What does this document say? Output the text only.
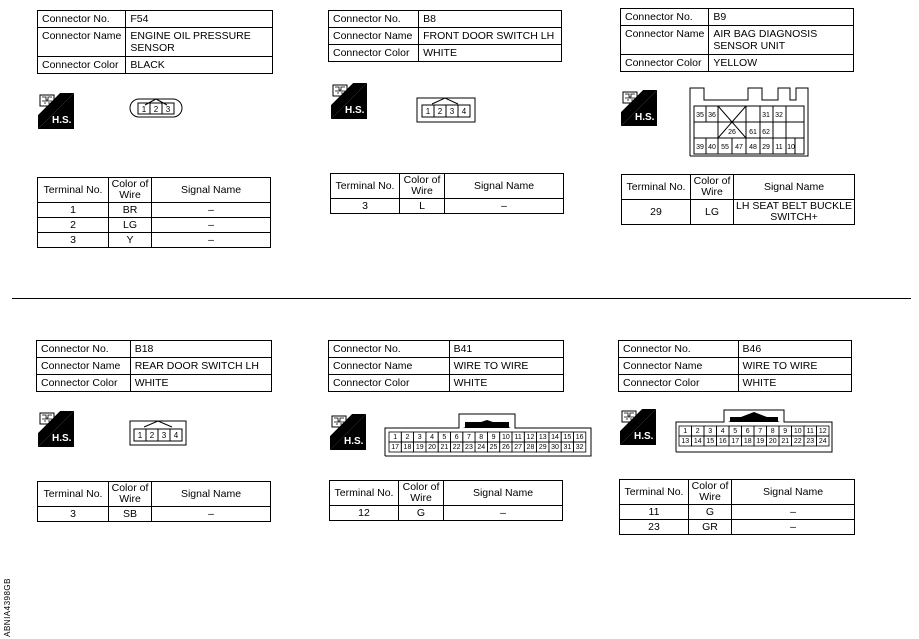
Connector No.	F54
Connector Name	ENGINE OIL PRESSURE SENSOR
Connector Color	BLACK
H.S.
1 2 3
Terminal No.	Color of Wire	Signal Name
1	BR	–
2	LG	–
3	Y	–
Connector No.	B8
Connector Name	FRONT DOOR SWITCH LH
Connector Color	WHITE
H.S.	1 2 3 4
Terminal No.	Color of Wire	Signal Name
3	L	–
Connector No.	B9
Connector Name	AIR BAG DIAGNOSIS SENSOR UNIT
Connector Color	YELLOW
H.S.	35 36	31 32
26 61 62
39 40 55 47 48 29 11 10
Terminal No.	Color of Wire	Signal Name
29	LG	LH SEAT BELT BUCKLE SWITCH+
Connector No.	B18
Connector Name	REAR DOOR SWITCH LH
Connector Color	WHITE
H.S.	1 2 3 4
Terminal No.	Color of Wire	Signal Name
3	SB	–
Connector No.	B41
Connector Name	WIRE TO WIRE
Connector Color	WHITE
H.S.	1 2 3 4 5 6 7 8 9 10 11 12 13 14 15 16
17 18 19 20 21 22 23 24 25 26 27 28 29 30 31 32
Terminal No.	Color of Wire	Signal Name
12	G	–
Connector No.	B46
Connector Name	WIRE TO WIRE
Connector Color	WHITE
H.S.	1 2 3 4 5 6 7 8 9 10 11 12
13 14 15 16 17 18 19 20 21 22 23 24
Terminal No.	Color of Wire	Signal Name
11	G	–
23	GR	–
ABNIA4398GB
